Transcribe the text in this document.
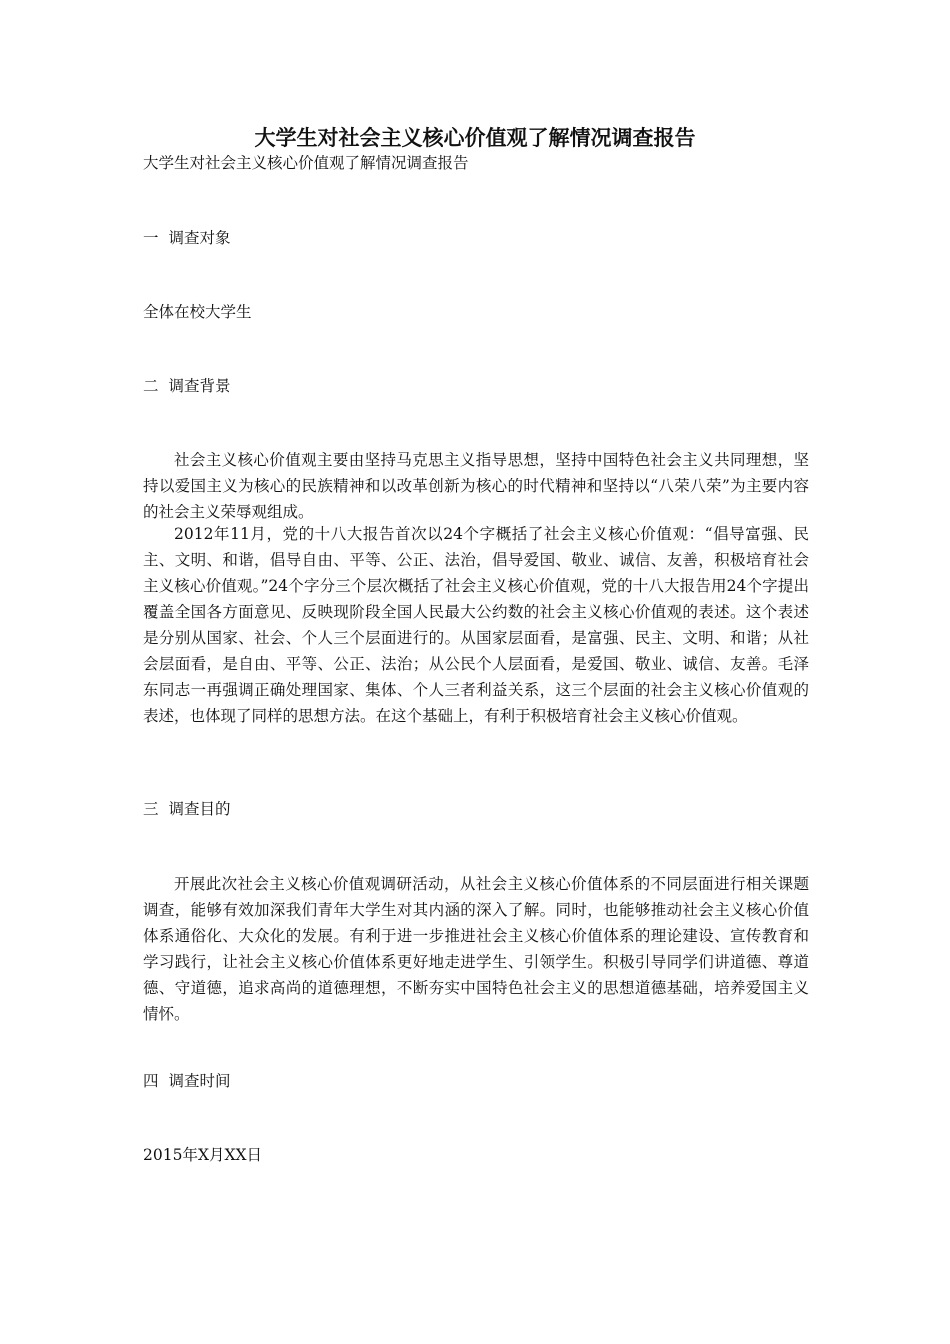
大学生对社会主义核心价值观了解情况调查报告

大学生对社会主义核心价值观了解情况调查报告

一 调查对象

全体在校大学生

二 调查背景

社会主义核心价值观主要由坚持马克思主义指导思想，坚持中国特色社会主义共同理想，坚持以爱国主义为核心的民族精神和以改革创新为核心的时代精神和坚持以“八荣八荣”为主要内容的社会主义荣辱观组成。

2012年11月，党的十八大报告首次以24个字概括了社会主义核心价值观：“倡导富强、民主、文明、和谐，倡导自由、平等、公正、法治，倡导爱国、敬业、诚信、友善，积极培育社会主义核心价值观。”24个字分三个层次概括了社会主义核心价值观，党的十八大报告用24个字提出覆盖全国各方面意见、反映现阶段全国人民最大公约数的社会主义核心价值观的表述。这个表述是分别从国家、社会、个人三个层面进行的。从国家层面看，是富强、民主、文明、和谐；从社会层面看，是自由、平等、公正、法治；从公民个人层面看，是爱国、敬业、诚信、友善。毛泽东同志一再强调正确处理国家、集体、个人三者利益关系，这三个层面的社会主义核心价值观的表述，也体现了同样的思想方法。在这个基础上，有利于积极培育社会主义核心价值观。

三 调查目的

开展此次社会主义核心价值观调研活动，从社会主义核心价值体系的不同层面进行相关课题调查，能够有效加深我们青年大学生对其内涵的深入了解。同时，也能够推动社会主义核心价值体系通俗化、大众化的发展。有利于进一步推进社会主义核心价值体系的理论建设、宣传教育和学习践行，让社会主义核心价值体系更好地走进学生、引领学生。积极引导同学们讲道德、尊道德、守道德，追求高尚的道德理想，不断夯实中国特色社会主义的思想道德基础，培养爱国主义情怀。

四 调查时间

2015年X月XX日
